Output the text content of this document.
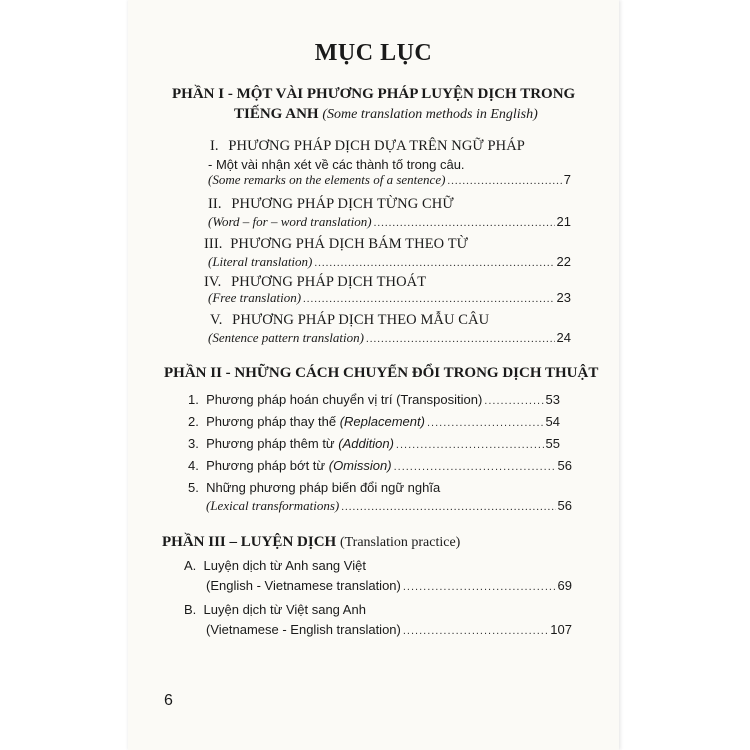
MỤC LỤC
PHẦN I - MỘT VÀI PHƯƠNG PHÁP LUYỆN DỊCH TRONG
TIẾNG ANH (Some translation methods in English)
I. PHƯƠNG PHÁP DỊCH DỰA TRÊN NGỮ PHÁP
- Một vài nhận xét về các thành tố trong câu.
(Some remarks on the elements of a sentence) .....	7
II. PHƯƠNG PHÁP DỊCH TỪNG CHỮ
(Word – for – word translation) .....	21
III. PHƯƠNG PHÁ DỊCH BÁM THEO TỪ
(Literal translation) .....	22
IV. PHƯƠNG PHÁP DỊCH THOÁT
(Free translation) .....	23
V. PHƯƠNG PHÁP DỊCH THEO MẪU CÂU
(Sentence pattern translation) .....	24
PHẦN II - NHỮNG CÁCH CHUYỂN ĐỔI TRONG DỊCH THUẬT
1. Phương pháp hoán chuyển vị trí (Transposition) .....	53
2. Phương pháp thay thế (Replacement) .....	54
3. Phương pháp thêm từ (Addition) .....	55
4. Phương pháp bớt từ (Omission) .....	56
5. Những phương pháp biến đổi ngữ nghĩa
(Lexical transformations) .....	56
PHẦN III – LUYỆN DỊCH (Translation practice)
A. Luyện dịch từ Anh sang Việt
(English - Vietnamese translation) .....	69
B. Luyện dịch từ Việt sang Anh
(Vietnamese - English translation) .....	107
6
